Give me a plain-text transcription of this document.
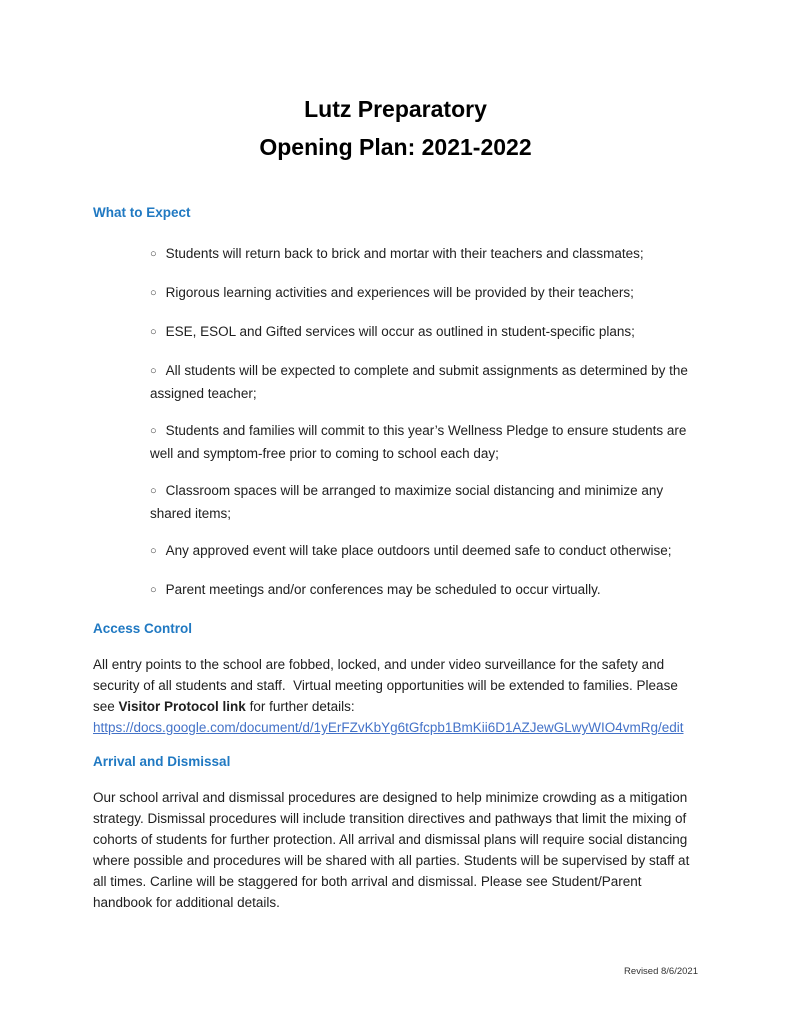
Lutz Preparatory
Opening Plan: 2021-2022
What to Expect
○ Students will return back to brick and mortar with their teachers and classmates;
○ Rigorous learning activities and experiences will be provided by their teachers;
○ ESE, ESOL and Gifted services will occur as outlined in student-specific plans;
○ All students will be expected to complete and submit assignments as determined by the assigned teacher;
○ Students and families will commit to this year’s Wellness Pledge to ensure students are well and symptom-free prior to coming to school each day;
○ Classroom spaces will be arranged to maximize social distancing and minimize any shared items;
○ Any approved event will take place outdoors until deemed safe to conduct otherwise;
○ Parent meetings and/or conferences may be scheduled to occur virtually.
Access Control

All entry points to the school are fobbed, locked, and under video surveillance for the safety and security of all students and staff.  Virtual meeting opportunities will be extended to families. Please see Visitor Protocol link for further details:
https://docs.google.com/document/d/1yErFZvKbYg6tGfcpb1BmKii6D1AZJewGLwyWIO4vmRg/edit

Arrival and Dismissal

Our school arrival and dismissal procedures are designed to help minimize crowding as a mitigation strategy. Dismissal procedures will include transition directives and pathways that limit the mixing of cohorts of students for further protection. All arrival and dismissal plans will require social distancing where possible and procedures will be shared with all parties. Students will be supervised by staff at all times. Carline will be staggered for both arrival and dismissal. Please see Student/Parent handbook for additional details.

Revised 8/6/2021
